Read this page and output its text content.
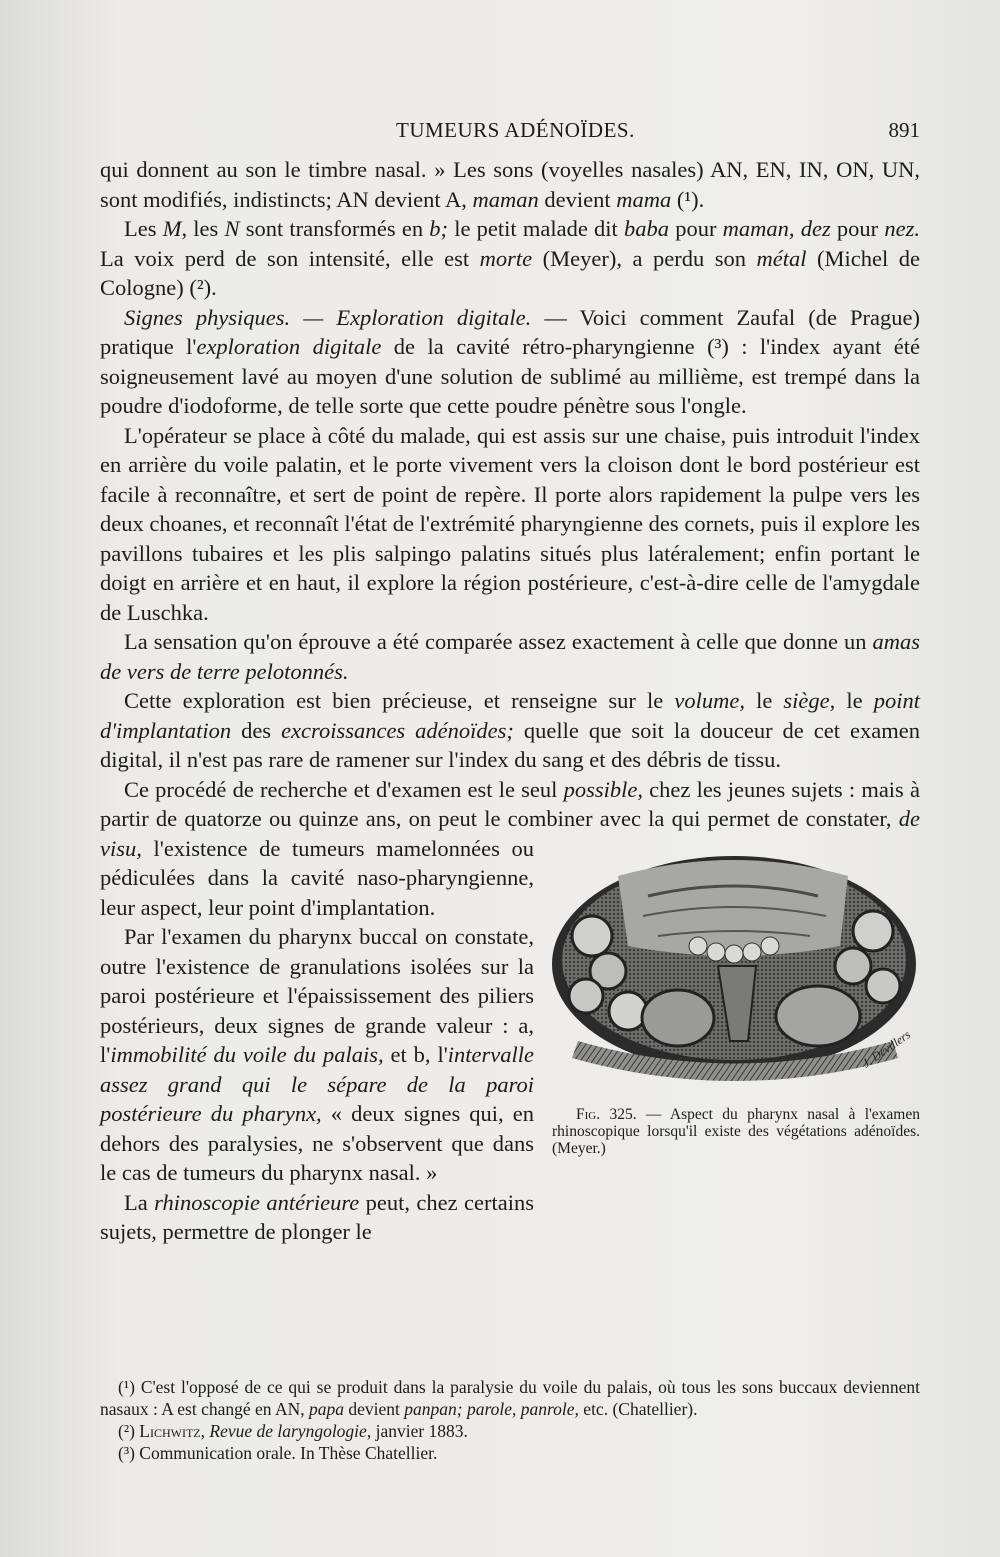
TUMEURS ADÉNOÏDES.	891

qui donnent au son le timbre nasal. » Les sons (voyelles nasales) AN, EN, IN, ON, UN, sont modifiés, indistincts; AN devient A, maman devient mama (¹).

Les M, les N sont transformés en b; le petit malade dit baba pour maman, dez pour nez. La voix perd de son intensité, elle est morte (Meyer), a perdu son métal (Michel de Cologne) (²).

Signes physiques. — Exploration digitale. — Voici comment Zaufal (de Prague) pratique l'exploration digitale de la cavité rétro-pharyngienne (³) : l'index ayant été soigneusement lavé au moyen d'une solution de sublimé au millième, est trempé dans la poudre d'iodoforme, de telle sorte que cette poudre pénètre sous l'ongle.

L'opérateur se place à côté du malade, qui est assis sur une chaise, puis introduit l'index en arrière du voile palatin, et le porte vivement vers la cloison dont le bord postérieur est facile à reconnaître, et sert de point de repère. Il porte alors rapidement la pulpe vers les deux choanes, et reconnaît l'état de l'extrémité pharyngienne des cornets, puis il explore les pavillons tubaires et les plis salpingo palatins situés plus latéralement; enfin portant le doigt en arrière et en haut, il explore la région postérieure, c'est-à-dire celle de l'amygdale de Luschka.

La sensation qu'on éprouve a été comparée assez exactement à celle que donne un amas de vers de terre pelotonnés.

Cette exploration est bien précieuse, et renseigne sur le volume, le siège, le point d'implantation des excroissances adénoïdes; quelle que soit la douceur de cet examen digital, il n'est pas rare de ramener sur l'index du sang et des débris de tissu.

Ce procédé de recherche et d'examen est le seul possible, chez les jeunes sujets : mais à partir de quatorze ou quinze ans, on peut le combiner avec la
J. Devillers
Fig. 325. — Aspect du pharynx nasal à l'examen rhinoscopique lorsqu'il existe des végétations adénoïdes. (Meyer.)
qui permet de constater, de visu, l'existence de tumeurs mamelonnées ou pédiculées dans la cavité naso-pharyngienne, leur aspect, leur point d'implantation.

Par l'examen du pharynx buccal on constate, outre l'existence de granulations isolées sur la paroi postérieure et l'épaississement des piliers postérieurs, deux signes de grande valeur : a, l'immobilité du voile du palais, et b, l'intervalle assez grand qui le sépare de la paroi postérieure du pharynx, « deux signes qui, en dehors des paralysies, ne s'observent que dans le cas de tumeurs du pharynx nasal. »

La rhinoscopie antérieure peut, chez certains sujets, permettre de plonger le

(¹) C'est l'opposé de ce qui se produit dans la paralysie du voile du palais, où tous les sons buccaux deviennent nasaux : A est changé en AN, papa devient panpan; parole, panrole, etc. (Chatellier).

(²) Lichwitz, Revue de laryngologie, janvier 1883.

(³) Communication orale. In Thèse Chatellier.
